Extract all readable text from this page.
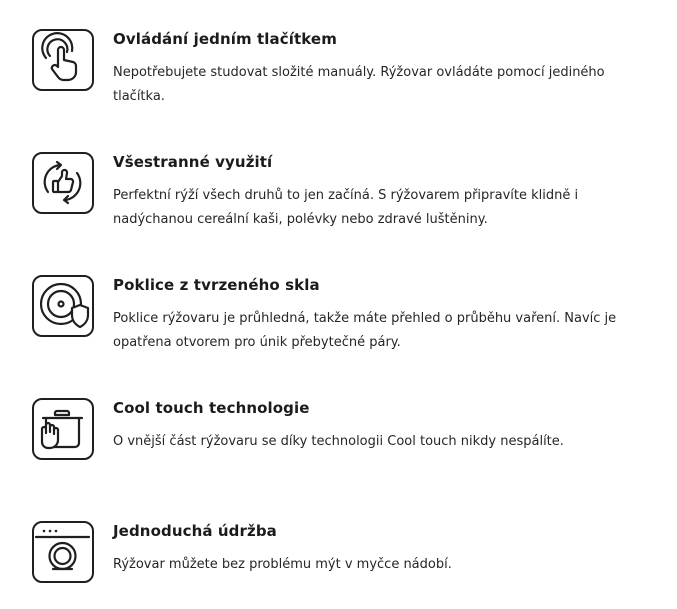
Ovládání jedním tlačítkem

Nepotřebujete studovat složité manuály. Rýžovar ovládáte pomocí jediného tlačítka.

Všestranné využití

Perfektní rýží všech druhů to jen začíná. S rýžovarem připravíte klidně i nadýchanou cereální kaši, polévky nebo zdravé luštěniny.

Poklice z tvrzeného skla

Poklice rýžovaru je průhledná, takže máte přehled o průběhu vaření. Navíc je opatřena otvorem pro únik přebytečné páry.

Cool touch technologie

O vnější část rýžovaru se díky technologii Cool touch nikdy nespálíte.

Jednoduchá údržba

Rýžovar můžete bez problému mýt v myčce nádobí.
